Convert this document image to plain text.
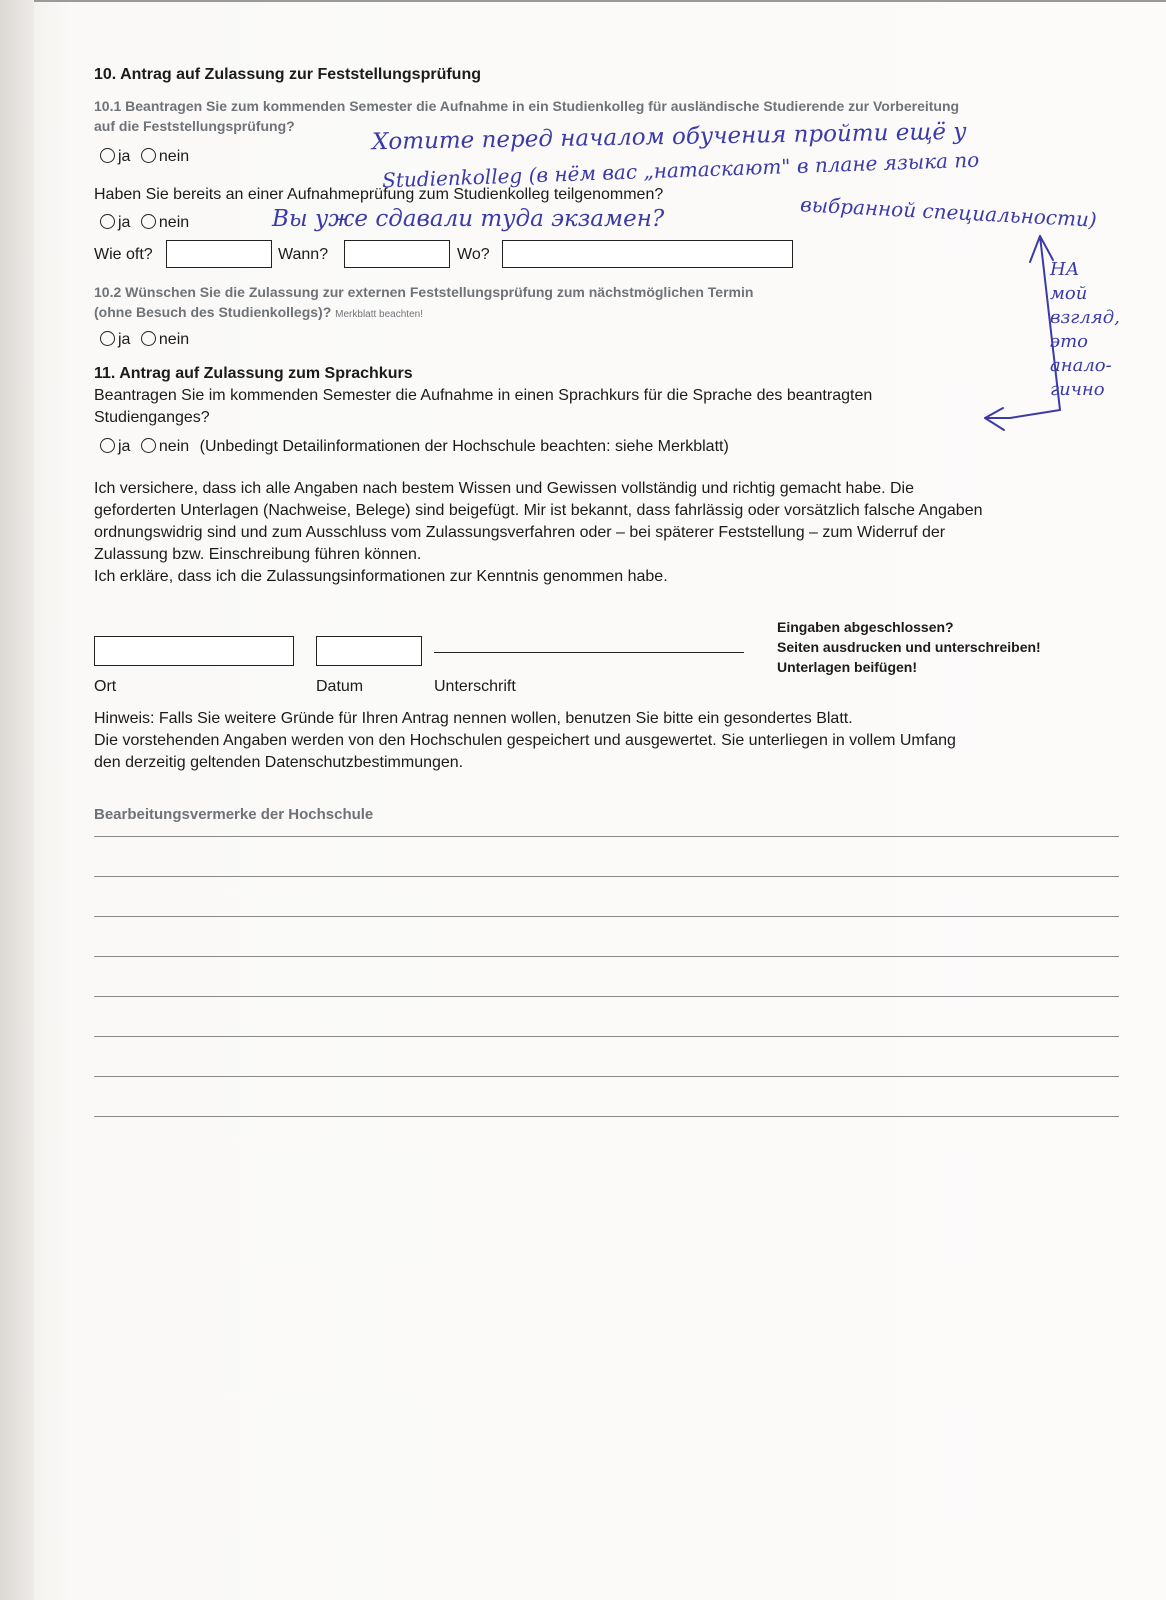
10. Antrag auf Zulassung zur Feststellungsprüfung
10.1 Beantragen Sie zum kommenden Semester die Aufnahme in ein Studienkolleg für ausländische Studierende zur Vorbereitung
auf die Feststellungsprüfung?
ja nein
Haben Sie bereits an einer Aufnahmeprüfung zum Studienkolleg teilgenommen?
ja nein
Wie oft?	Wann?	Wo?
10.2 Wünschen Sie die Zulassung zur externen Feststellungsprüfung zum nächstmöglichen Termin
(ohne Besuch des Studienkollegs)? Merkblatt beachten!
ja nein
11. Antrag auf Zulassung zum Sprachkurs
Beantragen Sie im kommenden Semester die Aufnahme in einen Sprachkurs für die Sprache des beantragten
Studienganges?
ja nein (Unbedingt Detailinformationen der Hochschule beachten: siehe Merkblatt)
Ich versichere, dass ich alle Angaben nach bestem Wissen und Gewissen vollständig und richtig gemacht habe. Die
geforderten Unterlagen (Nachweise, Belege) sind beigefügt. Mir ist bekannt, dass fahrlässig oder vorsätzlich falsche Angaben
ordnungswidrig sind und zum Ausschluss vom Zulassungsverfahren oder – bei späterer Feststellung – zum Widerruf der
Zulassung bzw. Einschreibung führen können.
Ich erkläre, dass ich die Zulassungsinformationen zur Kenntnis genommen habe.
Ort	Datum	Unterschrift
Eingaben abgeschlossen?
Seiten ausdrucken und unterschreiben!
Unterlagen beifügen!
Hinweis: Falls Sie weitere Gründe für Ihren Antrag nennen wollen, benutzen Sie bitte ein gesondertes Blatt.
Die vorstehenden Angaben werden von den Hochschulen gespeichert und ausgewertet. Sie unterliegen in vollem Umfang
den derzeitig geltenden Datenschutzbestimmungen.
Bearbeitungsvermerke der Hochschule
Хотите перед началом обучения пройти ещё у
Studienkolleg (в нём вас „натаскают" в плане языка по
выбранной специальности)
Вы уже сдавали туда экзамен?
НА
мой
взгляд,
это
анало-
гично
